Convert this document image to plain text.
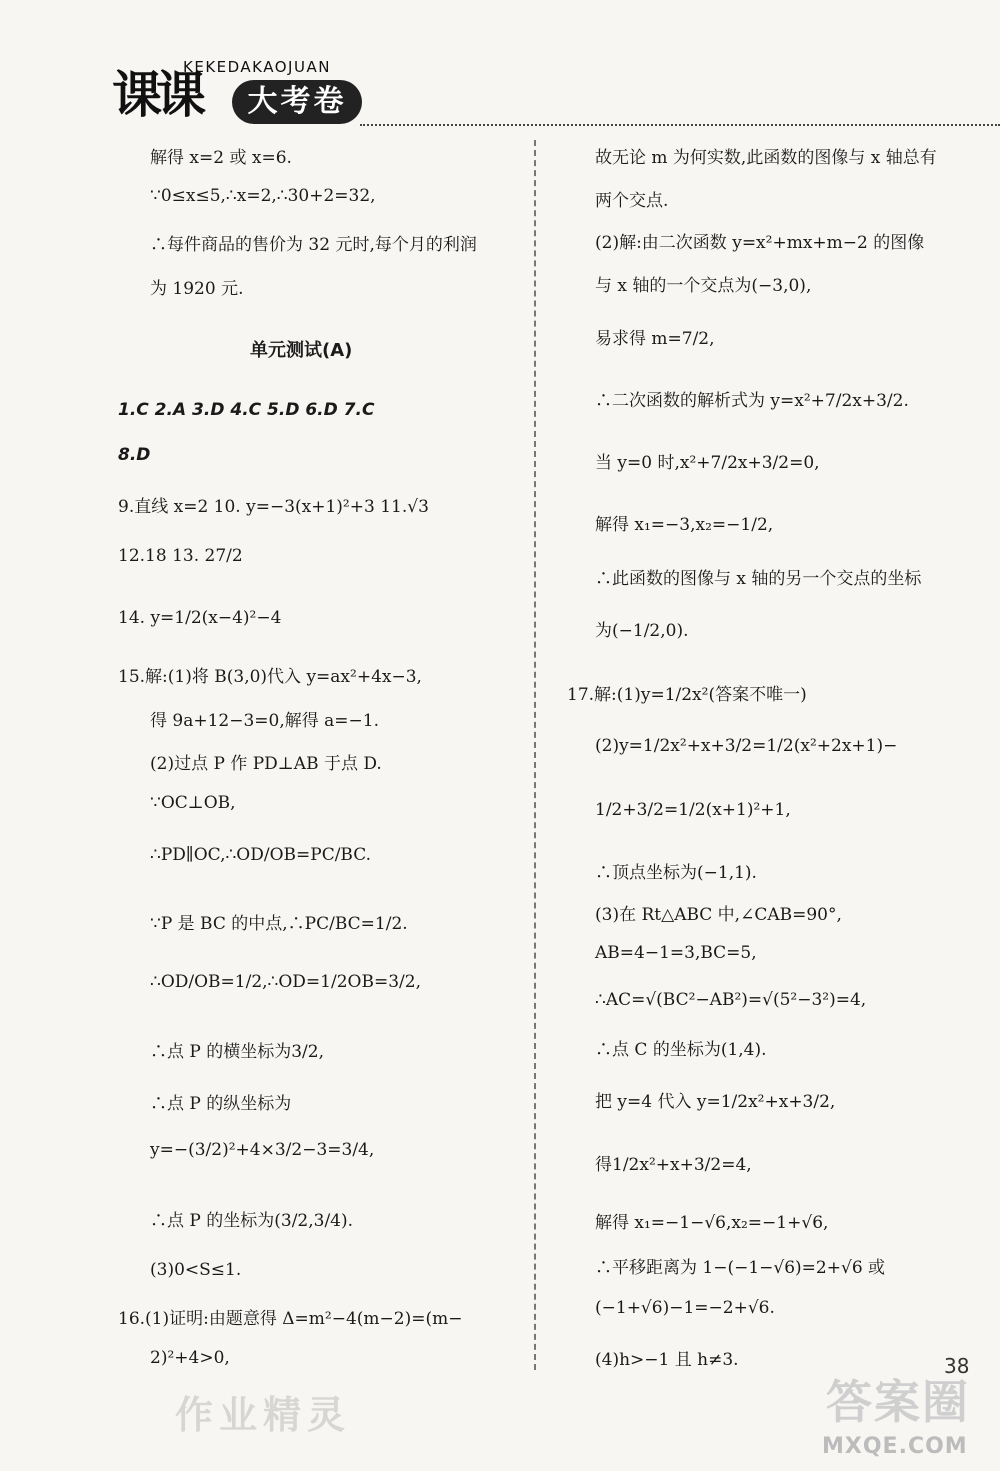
课课
KEKEDAKAOJUAN
大考卷
解得 x=2 或 x=6.
∵0≤x≤5,∴x=2,∴30+2=32,
∴每件商品的售价为 32 元时,每个月的利润
为 1920 元.
单元测试(A)
1.C 2.A 3.D 4.C 5.D 6.D 7.C
8.D
9.直线 x=2 10. y=−3(x+1)²+3 11.√3
12.18 13. 27/2
14. y=1/2(x−4)²−4
15.解:(1)将 B(3,0)代入 y=ax²+4x−3,
得 9a+12−3=0,解得 a=−1.
(2)过点 P 作 PD⊥AB 于点 D.
∵OC⊥OB,
∴PD∥OC,∴OD/OB=PC/BC.
∵P 是 BC 的中点,∴PC/BC=1/2.
∴OD/OB=1/2,∴OD=1/2OB=3/2,
∴点 P 的横坐标为3/2,
∴点 P 的纵坐标为
y=−(3/2)²+4×3/2−3=3/4,
∴点 P 的坐标为(3/2,3/4).
(3)0<S≤1.
16.(1)证明:由题意得 Δ=m²−4(m−2)=(m−
2)²+4>0,
故无论 m 为何实数,此函数的图像与 x 轴总有
两个交点.
(2)解:由二次函数 y=x²+mx+m−2 的图像
与 x 轴的一个交点为(−3,0),
易求得 m=7/2,
∴二次函数的解析式为 y=x²+7/2x+3/2.
当 y=0 时,x²+7/2x+3/2=0,
解得 x₁=−3,x₂=−1/2,
∴此函数的图像与 x 轴的另一个交点的坐标
为(−1/2,0).
17.解:(1)y=1/2x²(答案不唯一)
(2)y=1/2x²+x+3/2=1/2(x²+2x+1)−
1/2+3/2=1/2(x+1)²+1,
∴顶点坐标为(−1,1).
(3)在 Rt△ABC 中,∠CAB=90°,
AB=4−1=3,BC=5,
∴AC=√(BC²−AB²)=√(5²−3²)=4,
∴点 C 的坐标为(1,4).
把 y=4 代入 y=1/2x²+x+3/2,
得1/2x²+x+3/2=4,
解得 x₁=−1−√6,x₂=−1+√6,
∴平移距离为 1−(−1−√6)=2+√6 或
(−1+√6)−1=−2+√6.
(4)h>−1 且 h≠3.
作业精灵	答案圈
MXQE.COM
38
